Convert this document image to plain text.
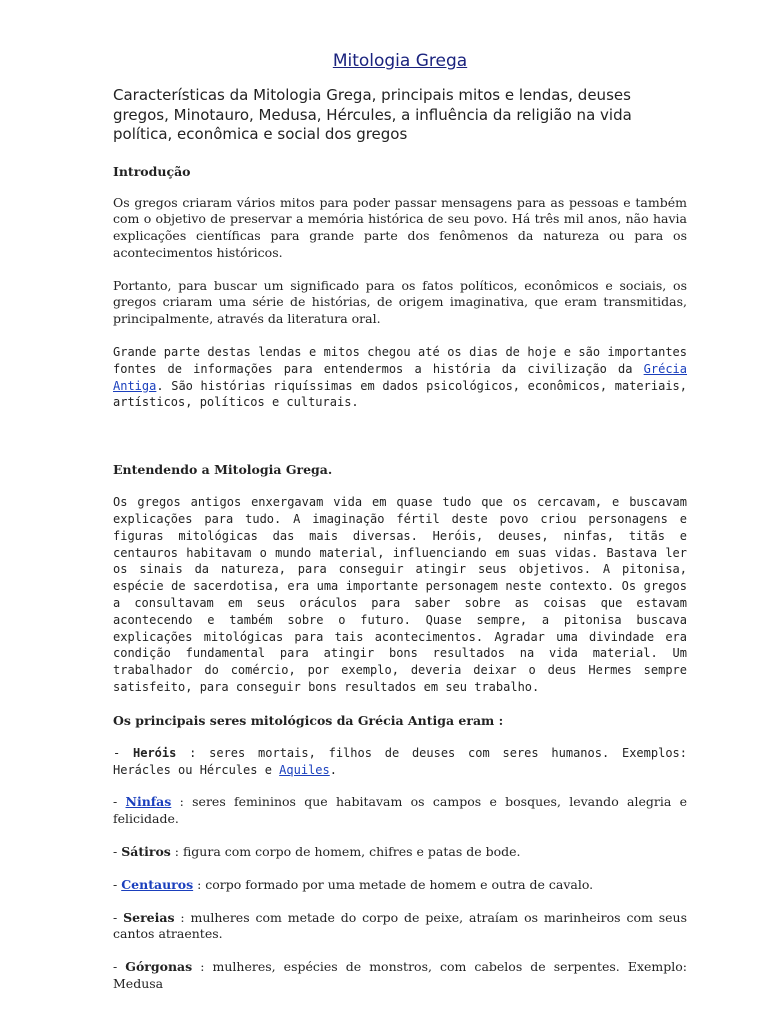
Mitologia Grega
Características da Mitologia Grega, principais mitos e lendas, deuses gregos, Minotauro, Medusa, Hércules, a influência da religião na vida política, econômica e social dos gregos
Introdução

Os gregos criaram vários mitos para poder passar mensagens para as pessoas e também com o objetivo de preservar a memória histórica de seu povo. Há três mil anos, não havia explicações científicas para grande parte dos fenômenos da natureza ou para os acontecimentos históricos.

Portanto, para buscar um significado para os fatos políticos, econômicos e sociais, os gregos criaram uma série de histórias, de origem imaginativa, que eram transmitidas, principalmente, através da literatura oral.

Grande parte destas lendas e mitos chegou até os dias de hoje e são importantes fontes de informações para entendermos a história da civilização da Grécia Antiga. São histórias riquíssimas em dados psicológicos, econômicos, materiais, artísticos, políticos e culturais.

Entendendo a Mitologia Grega.

Os gregos antigos enxergavam vida em quase tudo que os cercavam, e buscavam explicações para tudo. A imaginação fértil deste povo criou personagens e figuras mitológicas das mais diversas. Heróis, deuses, ninfas, titãs e centauros habitavam o mundo material, influenciando em suas vidas. Bastava ler os sinais da natureza, para conseguir atingir seus objetivos. A pitonisa, espécie de sacerdotisa, era uma importante personagem neste contexto. Os gregos a consultavam em seus oráculos para saber sobre as coisas que estavam acontecendo e também sobre o futuro. Quase sempre, a pitonisa buscava explicações mitológicas para tais acontecimentos. Agradar uma divindade era condição fundamental para atingir bons resultados na vida material. Um trabalhador do comércio, por exemplo, deveria deixar o deus Hermes sempre satisfeito, para conseguir bons resultados em seu trabalho.

Os principais seres mitológicos da Grécia Antiga eram :

- Heróis : seres mortais, filhos de deuses com seres humanos. Exemplos: Herácles ou Hércules e Aquiles.

- Ninfas : seres femininos que habitavam os campos e bosques, levando alegria e felicidade.

- Sátiros : figura com corpo de homem, chifres e patas de bode.

- Centauros : corpo formado por uma metade de homem e outra de cavalo.

- Sereias : mulheres com metade do corpo de peixe, atraíam os marinheiros com seus cantos atraentes.

- Górgonas : mulheres, espécies de monstros, com cabelos de serpentes. Exemplo: Medusa
